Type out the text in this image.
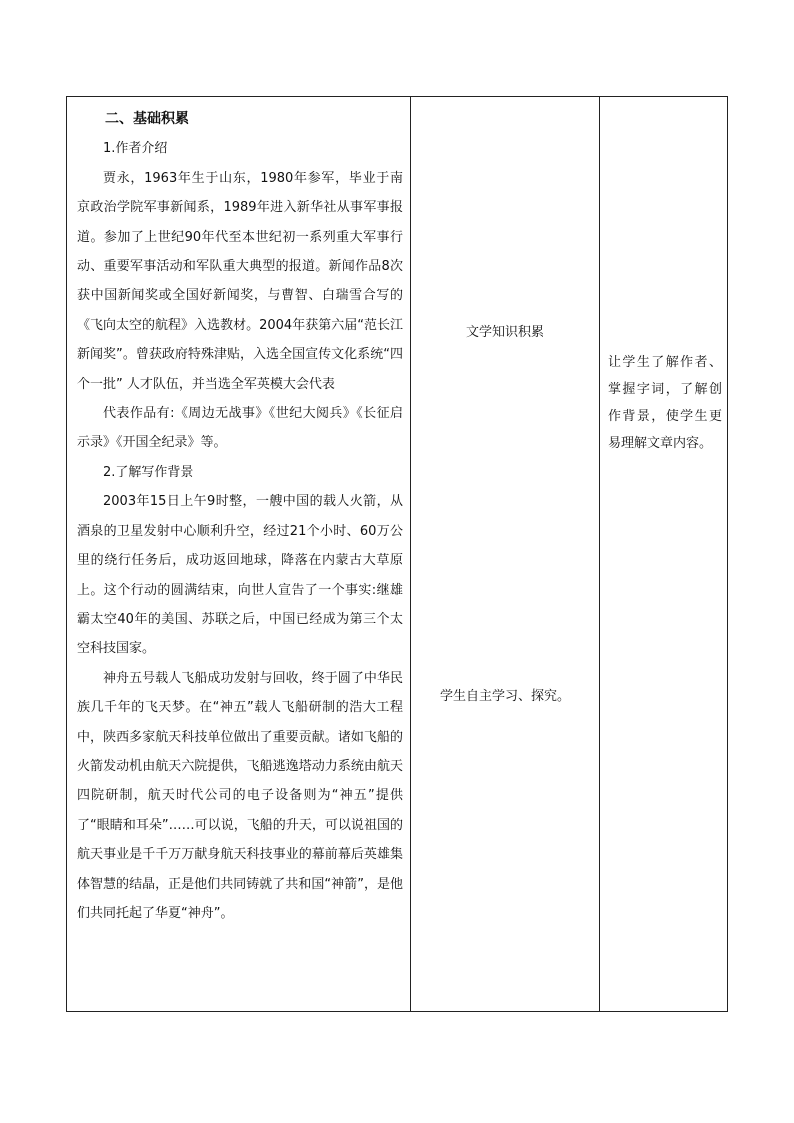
二、基础积累

1.作者介绍

贾永，1963年生于山东，1980年参军，毕业于南京政治学院军事新闻系，1989年进入新华社从事军事报道。参加了上世纪90年代至本世纪初一系列重大军事行动、重要军事活动和军队重大典型的报道。新闻作品8次获中国新闻奖或全国好新闻奖，与曹智、白瑞雪合写的《飞向太空的航程》入选教材。2004年获第六届“范长江新闻奖”。曾获政府特殊津贴，入选全国宣传文化系统“四个一批” 人才队伍，并当选全军英模大会代表

代表作品有:《周边无战事》《世纪大阅兵》《长征启示录》《开国全纪录》等。

2.了解写作背景

2003年15日上午9时整，一艘中国的载人火箭，从酒泉的卫星发射中心顺利升空，经过21个小时、60万公里的绕行任务后，成功返回地球，降落在内蒙古大草原上。这个行动的圆满结束，向世人宣告了一个事实:继雄霸太空40年的美国、苏联之后，中国已经成为第三个太空科技国家。

神舟五号载人飞船成功发射与回收，终于圆了中华民族几千年的飞天梦。在“神五”载人飞船研制的浩大工程中，陕西多家航天科技单位做出了重要贡献。诸如飞船的火箭发动机由航天六院提供，飞船逃逸塔动力系统由航天四院研制，航天时代公司的电子设备则为“神五”提供了“眼睛和耳朵”……可以说，飞船的升天，可以说祖国的航天事业是千千万万献身航天科技事业的幕前幕后英雄集体智慧的结晶，正是他们共同铸就了共和国“神箭”，是他们共同托起了华夏“神舟”。

文学知识积累
学生自主学习、探究。
让学生了解作者、掌握字词，了解创作背景，使学生更易理解文章内容。
